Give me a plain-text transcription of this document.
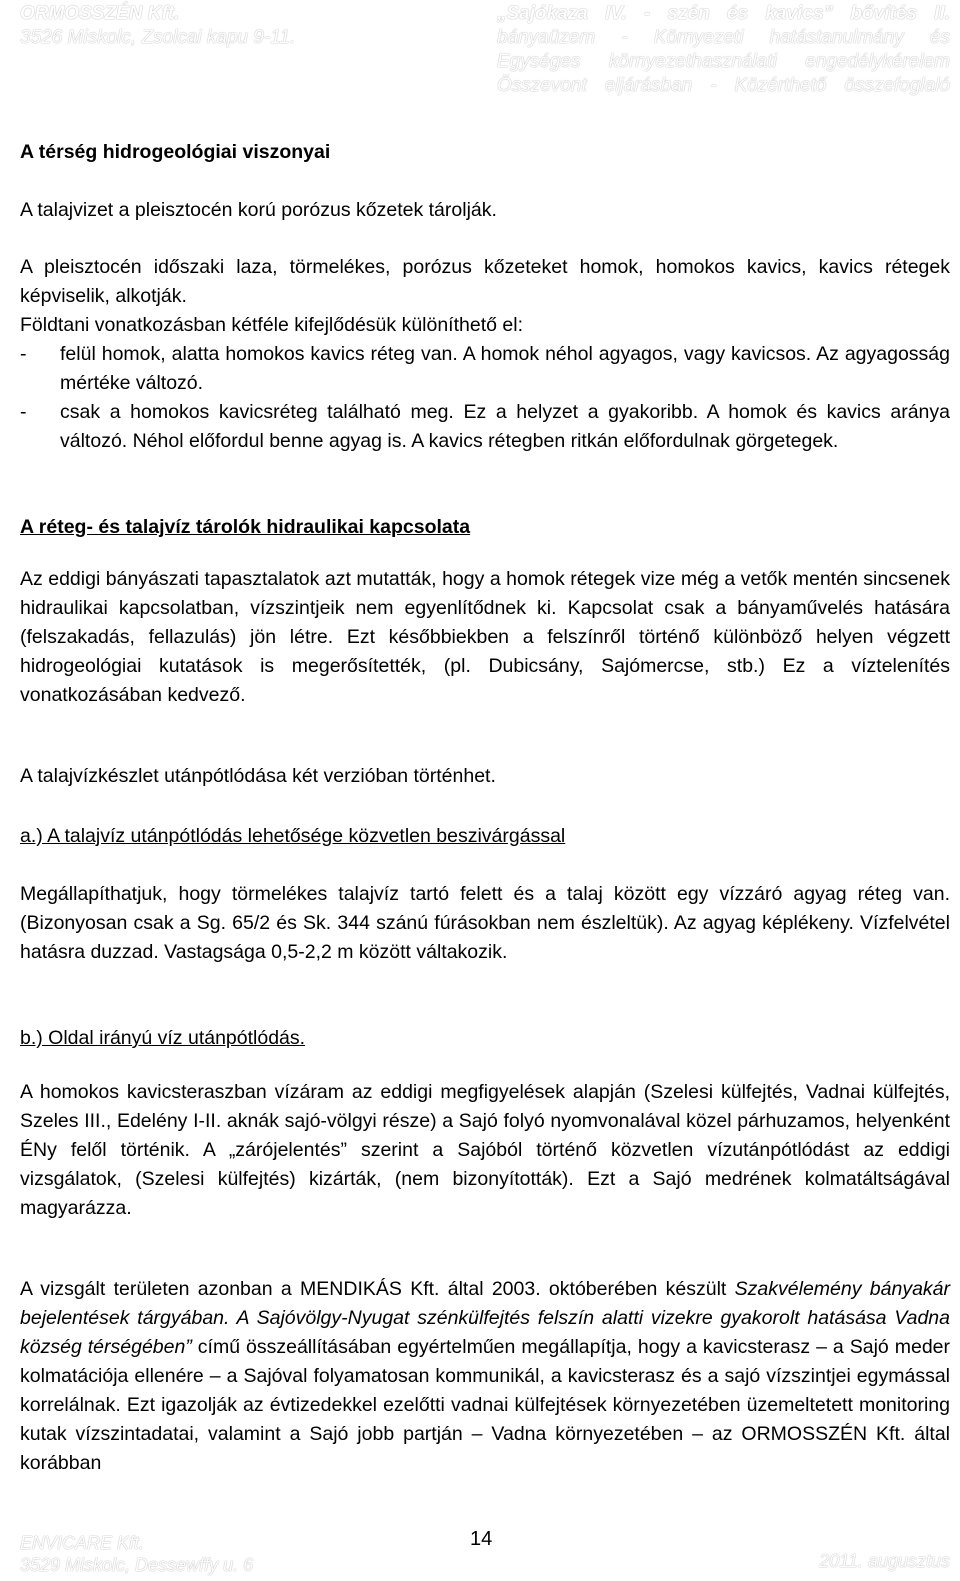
ORMOSSZÉN Kft.
3526 Miskolc, Zsolcai kapu 9-11.
„Sajókaza IV. - szén és kavics” bővítés II.
bányaüzem - Környezeti hatástanulmány és
Egységes környezethasználati engedélykérelem
Összevont eljárásban - Közérthető összefoglaló

A térség hidrogeológiai viszonyai

A talajvizet a pleisztocén korú porózus kőzetek tárolják.

A pleisztocén időszaki laza, törmelékes, porózus kőzeteket homok, homokos kavics, kavics rétegek képviselik, alkotják.

Földtani vonatkozásban kétféle kifejlődésük különíthető el:

- felül homok, alatta homokos kavics réteg van. A homok néhol agyagos, vagy kavicsos. Az agyagosság mértéke változó.
- csak a homokos kavicsréteg található meg. Ez a helyzet a gyakoribb. A homok és kavics aránya változó. Néhol előfordul benne agyag is. A kavics rétegben ritkán előfordulnak görgetegek.

A réteg- és talajvíz tárolók hidraulikai kapcsolata

Az eddigi bányászati tapasztalatok azt mutatták, hogy a homok rétegek vize még a vetők mentén sincsenek hidraulikai kapcsolatban, vízszintjeik nem egyenlítődnek ki. Kapcsolat csak a bányaművelés hatására (felszakadás, fellazulás) jön létre. Ezt későbbiekben a felszínről történő különböző helyen végzett hidrogeológiai kutatások is megerősítették, (pl. Dubicsány, Sajómercse, stb.) Ez a víztelenítés vonatkozásában kedvező.

A talajvízkészlet utánpótlódása két verzióban történhet.

a.) A talajvíz utánpótlódás lehetősége közvetlen beszivárgással

Megállapíthatjuk, hogy törmelékes talajvíz tartó felett és a talaj között egy vízzáró agyag réteg van. (Bizonyosan csak a Sg. 65/2 és Sk. 344 szánú fúrásokban nem észleltük). Az agyag képlékeny. Vízfelvétel hatásra duzzad. Vastagsága 0,5-2,2 m között váltakozik.

b.) Oldal irányú víz utánpótlódás.

A homokos kavicsteraszban vízáram az eddigi megfigyelések alapján (Szelesi külfejtés, Vadnai külfejtés, Szeles III., Edelény I-II. aknák sajó-völgyi része) a Sajó folyó nyomvonalával közel párhuzamos, helyenként ÉNy felől történik. A „zárójelentés” szerint a Sajóból történő közvetlen vízutánpótlódást az eddigi vizsgálatok, (Szelesi külfejtés) kizárták, (nem bizonyították). Ezt a Sajó medrének kolmatáltságával magyarázza.

A vizsgált területen azonban a MENDIKÁS Kft. által 2003. októberében készült Szakvélemény bányakár bejelentések tárgyában. A Sajóvölgy-Nyugat szénkülfejtés felszín alatti vizekre gyakorolt hatásása Vadna község térségében” című összeállításában egyértelműen megállapítja, hogy a kavicsterasz – a Sajó meder kolmatációja ellenére – a Sajóval folyamatosan kommunikál, a kavicsterasz és a sajó vízszintjei egymással korrelálnak. Ezt igazolják az évtizedekkel ezelőtti vadnai külfejtések környezetében üzemeltetett monitoring kutak vízszintadatai, valamint a Sajó jobb partján – Vadna környezetében – az ORMOSSZÉN Kft. által korábban

ENVICARE Kft.
3529 Miskolc, Dessewffy u. 6
14
2011. augusztus
